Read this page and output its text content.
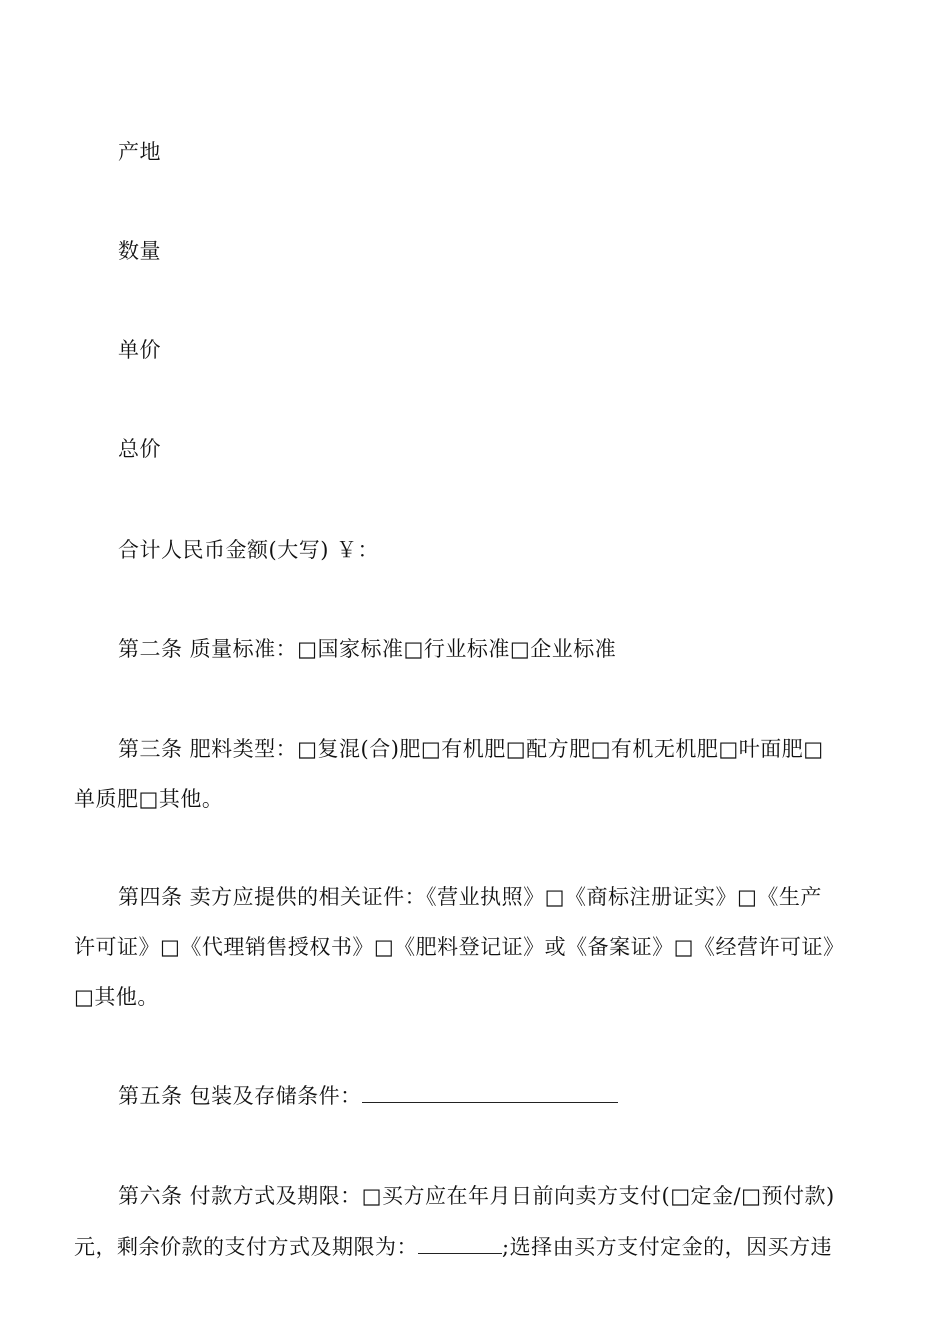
产地
数量
单价
总价
合计人民币金额(大写) ￥：
第二条 质量标准：□国家标准□行业标准□企业标准
第三条 肥料类型：□复混(合)肥□有机肥□配方肥□有机无机肥□叶面肥□
单质肥□其他。
第四条 卖方应提供的相关证件：《营业执照》□《商标注册证实》□《生产
许可证》□《代理销售授权书》□《肥料登记证》或《备案证》□《经营许可证》
□其他。
第五条 包装及存储条件：
第六条 付款方式及期限：□买方应在年月日前向卖方支付(□定金/□预付款)
元，剩余价款的支付方式及期限为：	;选择由买方支付定金的，因买方违
